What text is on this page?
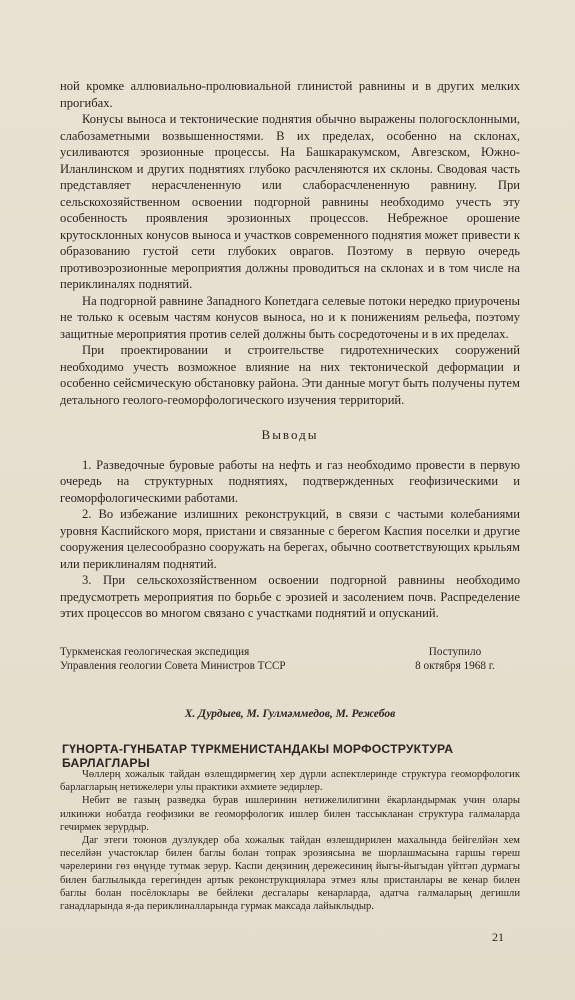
ной кромке аллювиально-пролювиальной глинистой равнины и в других мелких прогибах.

Конусы выноса и тектонические поднятия обычно выражены пологосклонными, слабозаметными возвышенностями. В их пределах, особенно на склонах, усиливаются эрозионные процессы. На Башкаракумском, Авгезском, Южно-Иланлинском и других поднятиях глубоко расчленяются их склоны. Сводовая часть представляет нерасчлененную или слаборасчлененную равнину. При сельскохозяйственном освоении подгорной равнины необходимо учесть эту особенность проявления эрозионных процессов. Небрежное орошение крутосклонных конусов выноса и участков современного поднятия может привести к образованию густой сети глубоких оврагов. Поэтому в первую очередь противоэрозионные мероприятия должны проводиться на склонах и в том числе на периклиналях поднятий.

На подгорной равнине Западного Копетдага селевые потоки нередко приурочены не только к осевым частям конусов выноса, но и к понижениям рельефа, поэтому защитные мероприятия против селей должны быть сосредоточены и в их пределах.

При проектировании и строительстве гидротехнических сооружений необходимо учесть возможное влияние на них тектонической деформации и особенно сейсмическую обстановку района. Эти данные могут быть получены путем детального геолого-геоморфологического изучения территорий.

Выводы

1. Разведочные буровые работы на нефть и газ необходимо провести в первую очередь на структурных поднятиях, подтвержденных геофизическими и геоморфологическими работами.

2. Во избежание излишних реконструкций, в связи с частыми колебаниями уровня Каспийского моря, пристани и связанные с берегом Каспия поселки и другие сооружения целесообразно сооружать на берегах, обычно соответствующих крыльям или периклиналям поднятий.

3. При сельскохозяйственном освоении подгорной равнины необходимо предусмотреть мероприятия по борьбе с эрозией и засолением почв. Распределение этих процессов во многом связано с участками поднятий и опусканий.

Туркменская геологическая экспедиция
Управления геологии Совета Министров ТССР
Поступило
8 октября 1968 г.
Х. Дурдыев, М. Гулмәммедов, М. Режебов
ГҮНОРТА-ГҮНБАТАР ТҮРКМЕНИСТАНДАКЫ МОРФОСТРУКТУРА БАРЛАГЛАРЫ

Чөллерң хожалык тайдан өзлешдирмегиң хер дүрли аспектлеринде структура геоморфологик барлагларың нетижелери улы практики әхмиете эедирлер.

Небит ве газың разведка бурав ишлеринин нетижелилигини ёкарландырмак учин олары илкинжи нобатда геофизики ве геоморфологик ишлер билен тассыкланан структура галмаларда гечирмек зерурдыр.

Даг этеги тоюнов дузлукдер оба хожалык тайдан өзлешдирилен махалында бейгелйән хем песелйән участоклар билен баглы болан топрак эрозиясына ве шорлашмасына гаршы гөреш чәрелерини гөз өңүнде тутмак зерур. Каспи деңзиниң дережесиниң йыгы-йыгыдан үйтгәп дурмагы билен баглылыкда гереги́нден артык реконструкциялара этмез ялы пристанлары ве кенар билен баглы болан посёлоклары ве бейлеки десгалары кенарларда, адатча галмаларың дегишли ганадларында я-да периклиналларында гурмак максада лайыклыдыр.

21
